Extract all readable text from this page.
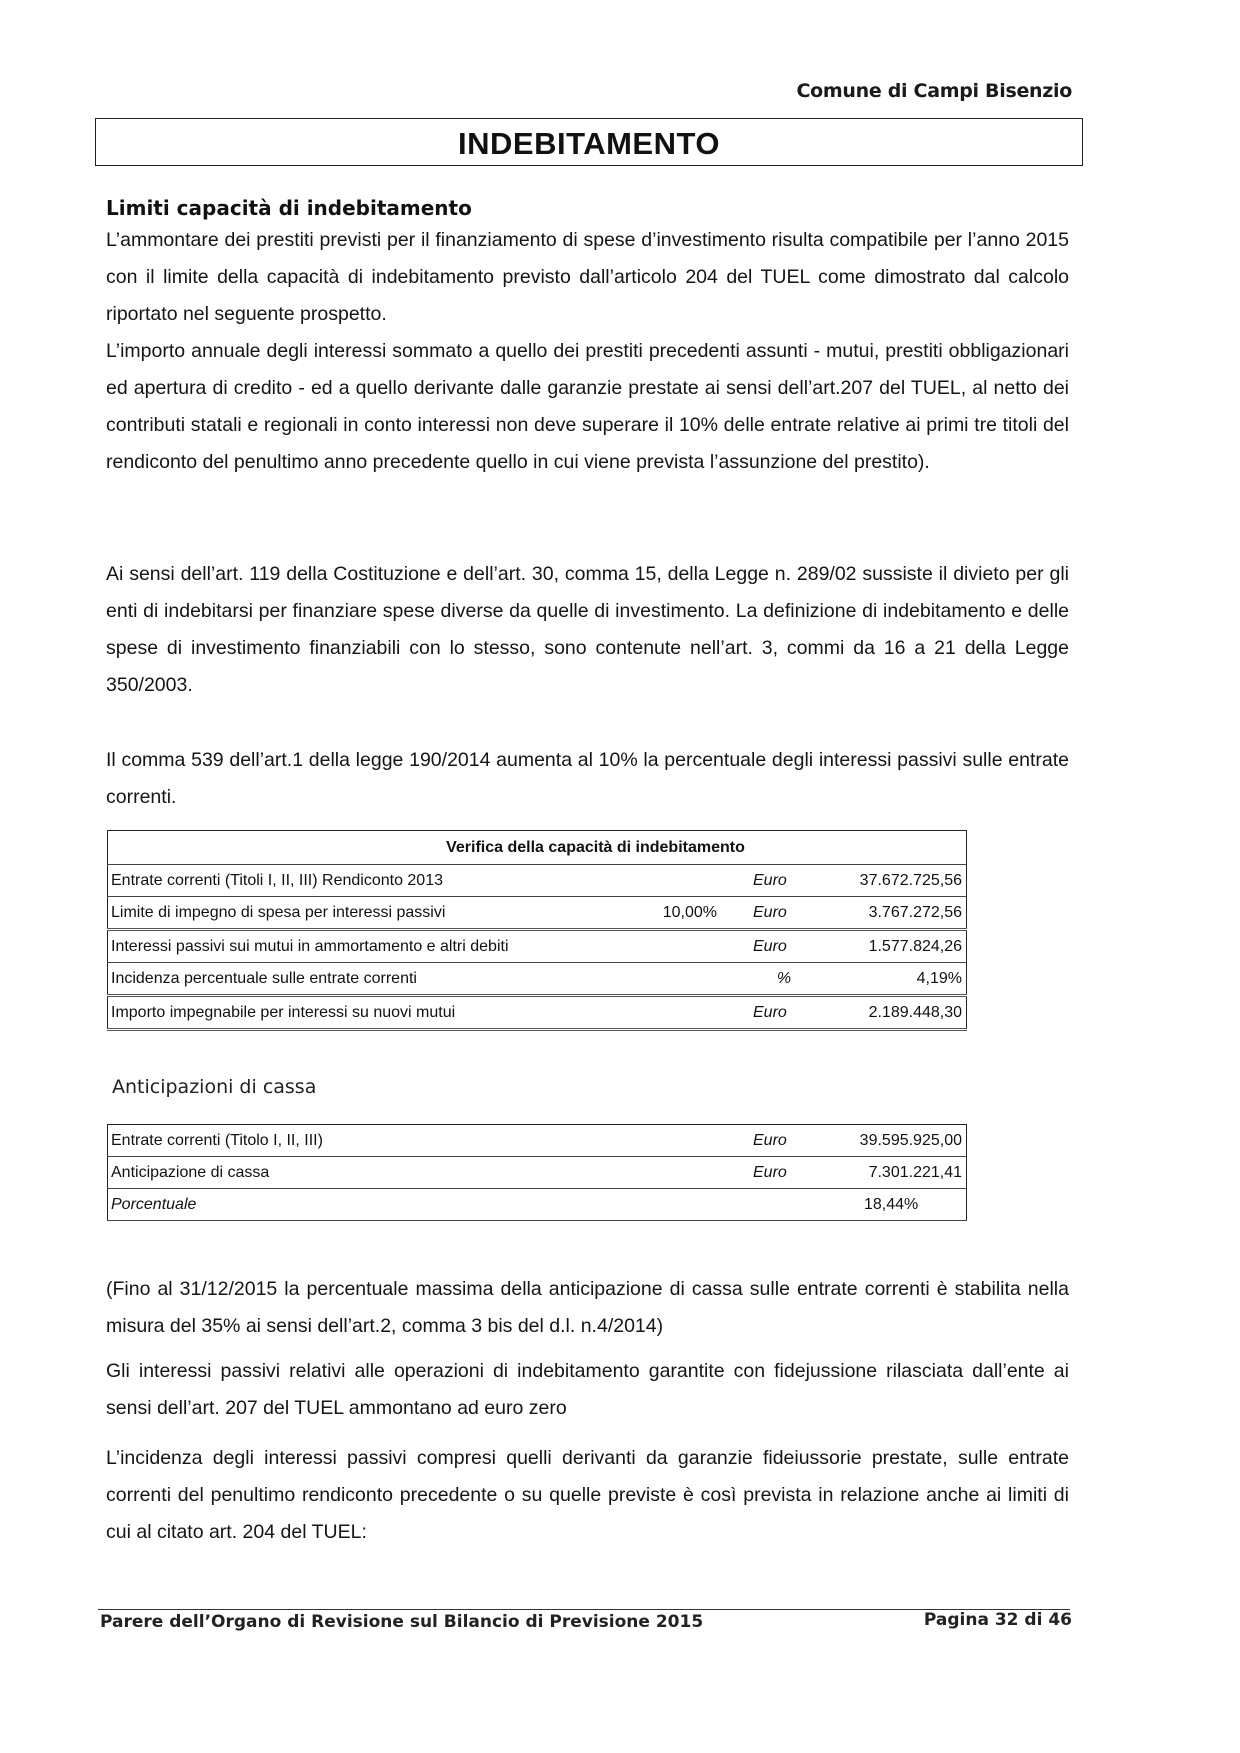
Comune di Campi Bisenzio
INDEBITAMENTO
Limiti capacità di indebitamento
L’ammontare dei prestiti previsti per il finanziamento di spese d’investimento risulta compatibile per l’anno 2015 con il limite della capacità di indebitamento previsto dall’articolo 204 del TUEL come dimostrato dal calcolo riportato nel seguente prospetto.
L’importo annuale degli interessi sommato a quello dei prestiti precedenti assunti - mutui, prestiti obbligazionari ed apertura di credito - ed a quello derivante dalle garanzie prestate ai sensi dell’art.207 del TUEL, al netto dei contributi statali e regionali in conto interessi non deve superare il 10% delle entrate relative ai primi tre titoli del rendiconto del penultimo anno precedente quello in cui viene prevista l’assunzione del prestito).
Ai sensi dell’art. 119 della Costituzione e dell’art. 30, comma 15, della Legge n. 289/02 sussiste il divieto per gli enti di indebitarsi per finanziare spese diverse da quelle di investimento. La definizione di indebitamento e delle spese di investimento finanziabili con lo stesso, sono contenute nell’art. 3, commi da 16 a 21 della Legge 350/2003.
Il comma 539 dell’art.1 della legge 190/2014 aumenta al 10% la percentuale degli interessi passivi sulle entrate correnti.
Verifica della capacità di indebitamento			
Entrate correnti (Titoli I, II, III) Rendiconto 2013		Euro	37.672.725,56
Limite di impegno di spesa per interessi passivi	10,00%	Euro	3.767.272,56
Interessi passivi sui mutui in ammortamento e altri debiti		Euro	1.577.824,26
Incidenza percentuale sulle entrate correnti		%	4,19%
Importo impegnabile per interessi su nuovi mutui		Euro	2.189.448,30
Anticipazioni di cassa
Entrate correnti (Titolo I, II, III)		Euro	39.595.925,00
Anticipazione di cassa		Euro	7.301.221,41
Porcentuale			18,44%
(Fino al 31/12/2015 la percentuale massima della anticipazione di cassa sulle entrate correnti è stabilita nella misura del 35% ai sensi dell’art.2, comma 3 bis del d.l. n.4/2014)
Gli interessi passivi relativi alle operazioni di indebitamento garantite con fidejussione rilasciata dall’ente ai sensi dell’art. 207 del TUEL ammontano ad euro zero
L’incidenza degli interessi passivi compresi quelli derivanti da garanzie fideiussorie prestate, sulle entrate correnti del penultimo rendiconto precedente o su quelle previste è così prevista in relazione anche ai limiti di cui al citato art. 204 del TUEL:
Parere dell’Organo di Revisione sul Bilancio di Previsione 2015	Pagina 32 di 46
